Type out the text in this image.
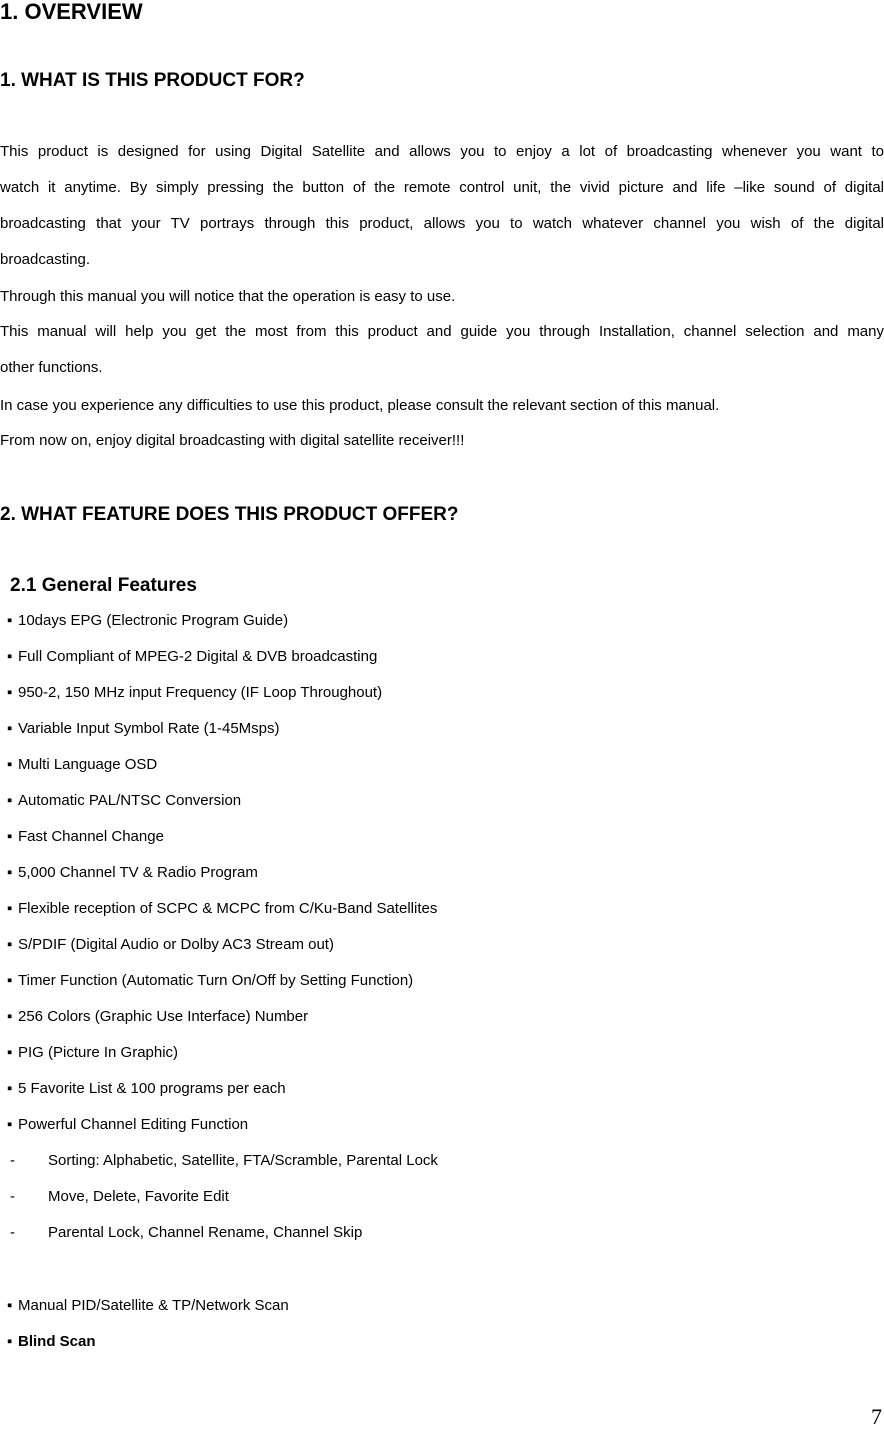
1. OVERVIEW
1. WHAT IS THIS PRODUCT FOR?
This product is designed for using Digital Satellite and allows you to enjoy a lot of broadcasting whenever you want to
watch it anytime. By simply pressing the button of the remote control unit, the vivid picture and life –like sound of digital
broadcasting that your TV portrays through this product, allows you to watch whatever channel you wish of the digital
broadcasting.
Through this manual you will notice that the operation is easy to use.
This manual will help you get the most from this product and guide you through Installation, channel selection and many
other functions.
In case you experience any difficulties to use this product, please consult the relevant section of this manual.
From now on, enjoy digital broadcasting with digital satellite receiver!!!
2. WHAT FEATURE DOES THIS PRODUCT OFFER?
2.1 General Features
▪ 10days EPG (Electronic Program Guide)
▪ Full Compliant of MPEG-2 Digital & DVB broadcasting
▪ 950-2, 150 MHz input Frequency (IF Loop Throughout)
▪ Variable Input Symbol Rate (1-45Msps)
▪ Multi Language OSD
▪ Automatic PAL/NTSC Conversion
▪ Fast Channel Change
▪ 5,000 Channel TV & Radio Program
▪ Flexible reception of SCPC & MCPC from C/Ku-Band Satellites
▪ S/PDIF (Digital Audio or Dolby AC3 Stream out)
▪ Timer Function (Automatic Turn On/Off by Setting Function)
▪ 256 Colors (Graphic Use Interface) Number
▪ PIG (Picture In Graphic)
▪ 5 Favorite List & 100 programs per each
▪ Powerful Channel Editing Function
- Sorting: Alphabetic, Satellite, FTA/Scramble, Parental Lock
- Move, Delete, Favorite Edit
- Parental Lock, Channel Rename, Channel Skip
▪ Manual PID/Satellite & TP/Network Scan
▪ Blind Scan
7
